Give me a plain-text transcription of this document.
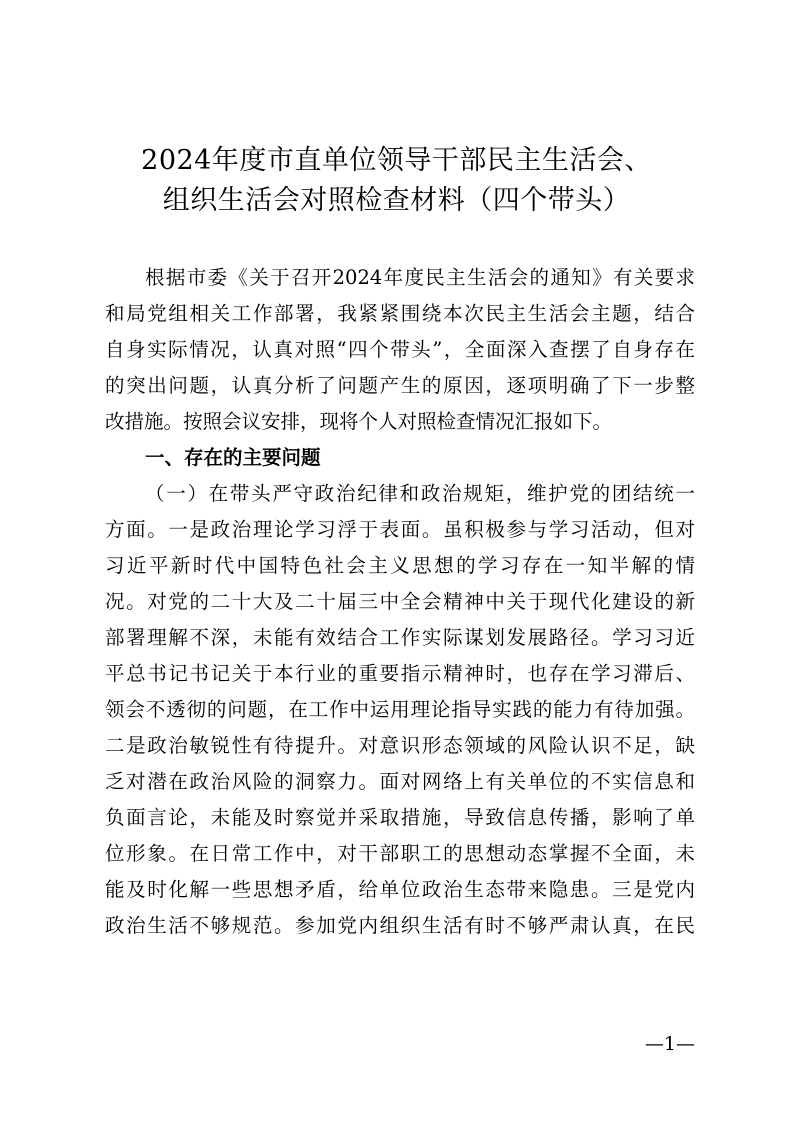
2024年度市直单位领导干部民主生活会、
组织生活会对照检查材料（四个带头）
根据市委《关于召开2024年度民主生活会的通知》有关要求
和局党组相关工作部署，我紧紧围绕本次民主生活会主题，结合
自身实际情况，认真对照“四个带头”，全面深入查摆了自身存在
的突出问题，认真分析了问题产生的原因，逐项明确了下一步整
改措施。按照会议安排，现将个人对照检查情况汇报如下。
一、存在的主要问题
（一）在带头严守政治纪律和政治规矩，维护党的团结统一
方面。一是政治理论学习浮于表面。虽积极参与学习活动，但对
习近平新时代中国特色社会主义思想的学习存在一知半解的情
况。对党的二十大及二十届三中全会精神中关于现代化建设的新
部署理解不深，未能有效结合工作实际谋划发展路径。学习习近
平总书记书记关于本行业的重要指示精神时，也存在学习滞后、
领会不透彻的问题，在工作中运用理论指导实践的能力有待加强。
二是政治敏锐性有待提升。对意识形态领域的风险认识不足，缺
乏对潜在政治风险的洞察力。面对网络上有关单位的不实信息和
负面言论，未能及时察觉并采取措施，导致信息传播，影响了单
位形象。在日常工作中，对干部职工的思想动态掌握不全面，未
能及时化解一些思想矛盾，给单位政治生态带来隐患。三是党内
政治生活不够规范。参加党内组织生活有时不够严肃认真，在民
—1—
